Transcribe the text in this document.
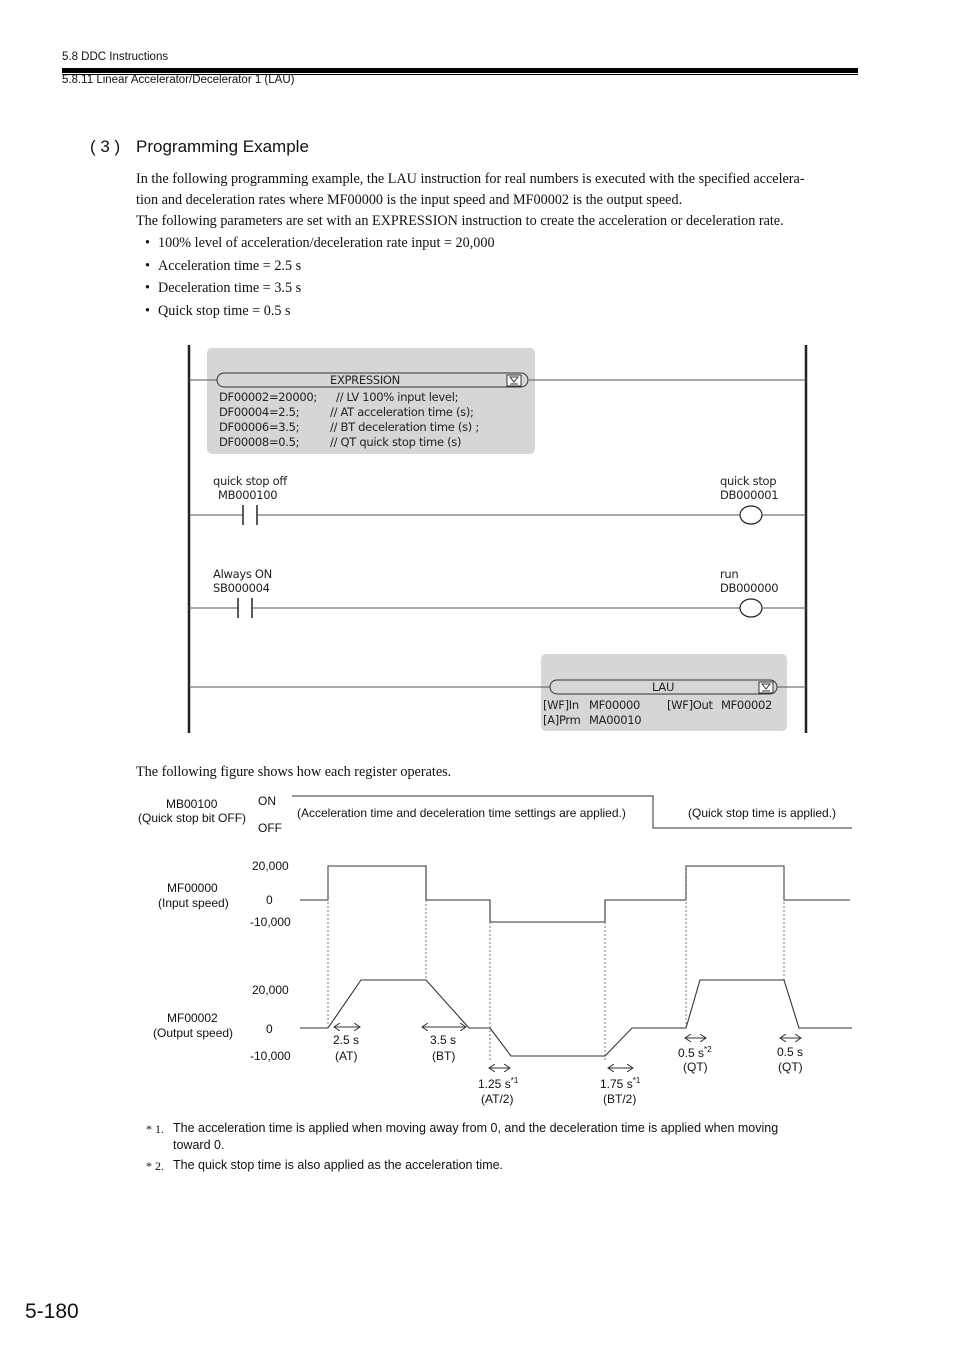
5.8 DDC Instructions
5.8.11 Linear Accelerator/Decelerator 1 (LAU)
( 3 ) Programming Example
In the following programming example, the LAU instruction for real numbers is executed with the specified accelera-
tion and deceleration rates where MF00000 is the input speed and MF00002 is the output speed.
The following parameters are set with an EXPRESSION instruction to create the acceleration or deceleration rate.
• 100% level of acceleration/deceleration rate input = 20,000
• Acceleration time = 2.5 s
• Deceleration time = 3.5 s
• Quick stop time = 0.5 s
EXPRESSION
DF00002=20000; // LV 100% input level;
DF00004=2.5;	// AT acceleration time (s);
DF00006=3.5;	// BT deceleration time (s) ;
DF00008=0.5;	// QT quick stop time (s)
quick stop off
MB000100
quick stop
DB000001
Always ON
SB000004
run
DB000000
LAU
[WF]In MF00000 [WF]Out MF00002
[A]Prm MA00010
The following figure shows how each register operates.
MB00100
(Quick stop bit OFF)
ON
OFF
(Acceleration time and deceleration time settings are applied.)	(Quick stop time is applied.)
MF00000
(Input speed)
20,000
0
-10,000
MF00002
(Output speed)
20,000
0
-10,000
2.5 s
(AT)
3.5 s
(BT)
1.25 $s^{*1}$
(AT/2)
1.75 $s^{*1}$
(BT/2)
0.5 $s^{*2}$
(QT)
0.5 s
(QT)
* 1. The acceleration time is applied when moving away from 0, and the deceleration time is applied when moving
toward 0.
* 2. The quick stop time is also applied as the acceleration time.
5-180
